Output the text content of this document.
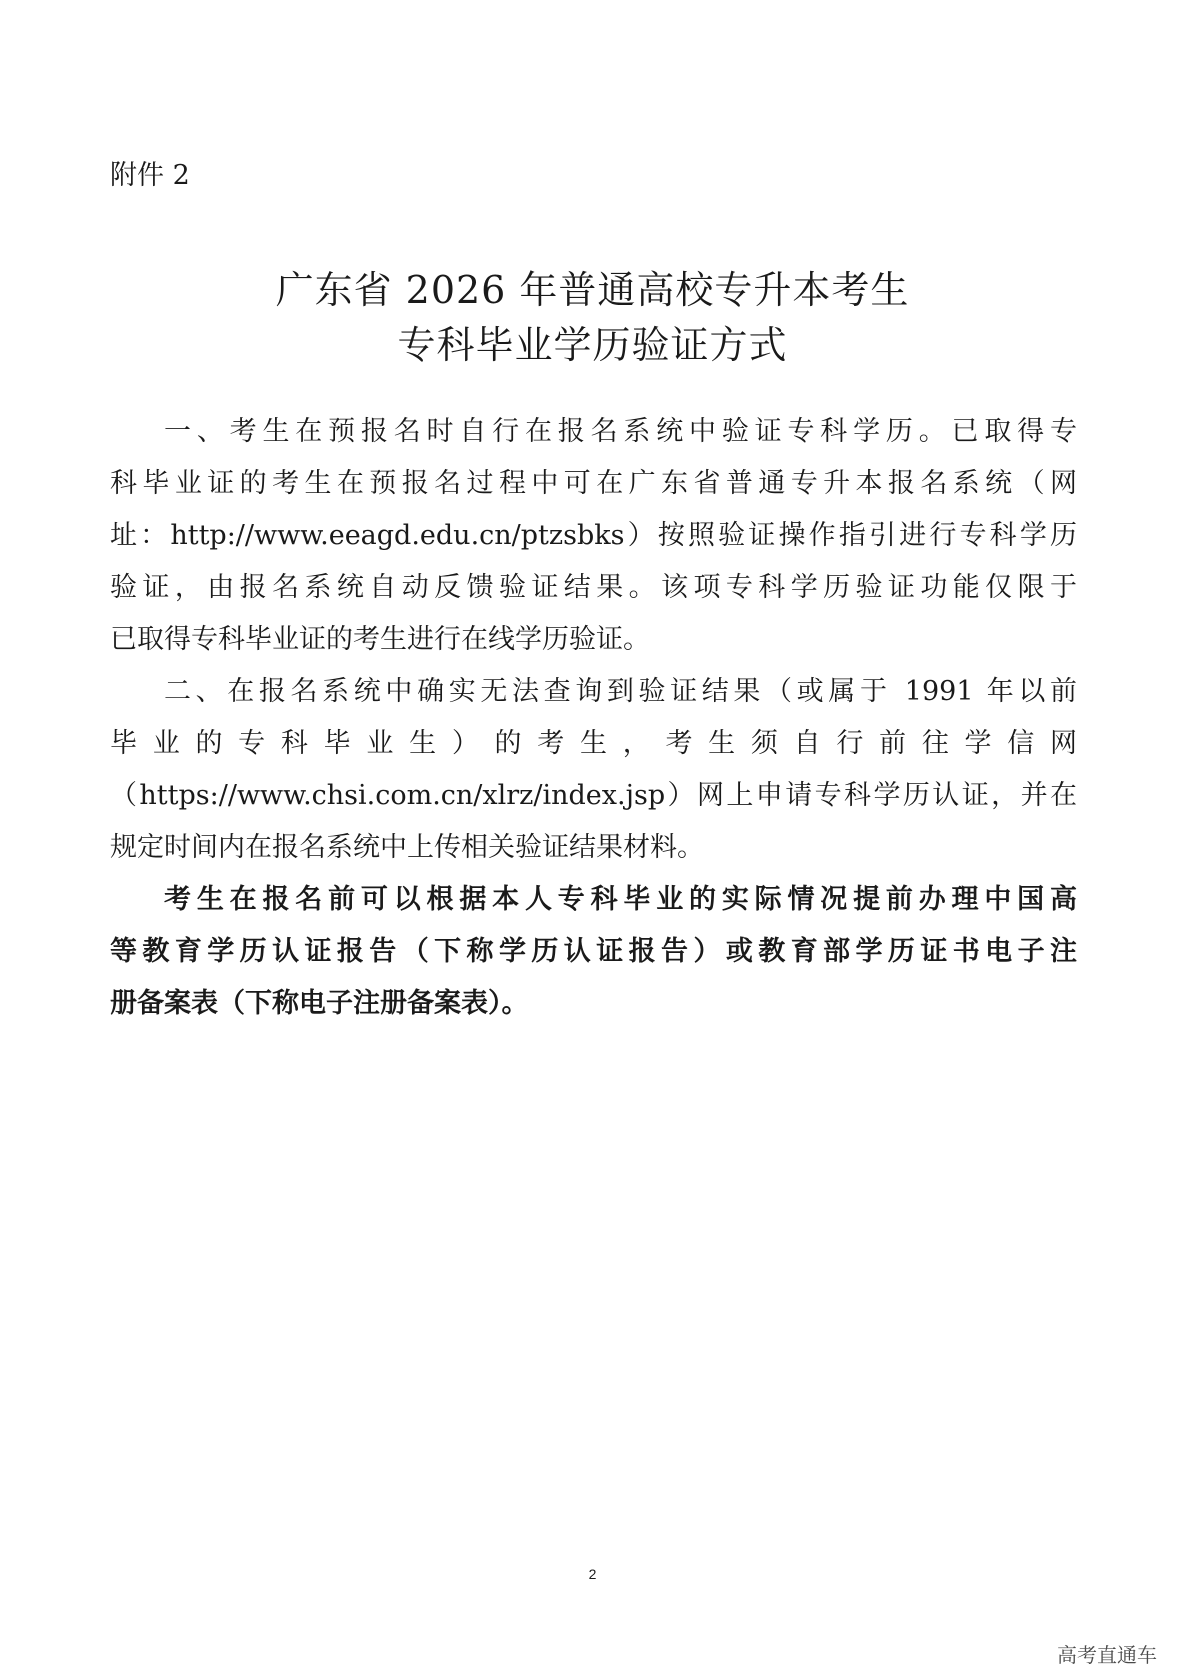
附件 2
广东省 2026 年普通高校专升本考生
专科毕业学历验证方式
一、考生在预报名时自行在报名系统中验证专科学历。已取得专
科毕业证的考生在预报名过程中可在广东省普通专升本报名系统（网
址：http://www.eeagd.edu.cn/ptzsbks）按照验证操作指引进行专科学历
验证，由报名系统自动反馈验证结果。该项专科学历验证功能仅限于
已取得专科毕业证的考生进行在线学历验证。
二、在报名系统中确实无法查询到验证结果（或属于 1991 年以前
毕业的专科毕业生）的考生，考生须自行前往学信网
（https://www.chsi.com.cn/xlrz/index.jsp）网上申请专科学历认证，并在
规定时间内在报名系统中上传相关验证结果材料。
考生在报名前可以根据本人专科毕业的实际情况提前办理中国高
等教育学历认证报告（下称学历认证报告）或教育部学历证书电子注
册备案表（下称电子注册备案表）。
2
高考直通车
